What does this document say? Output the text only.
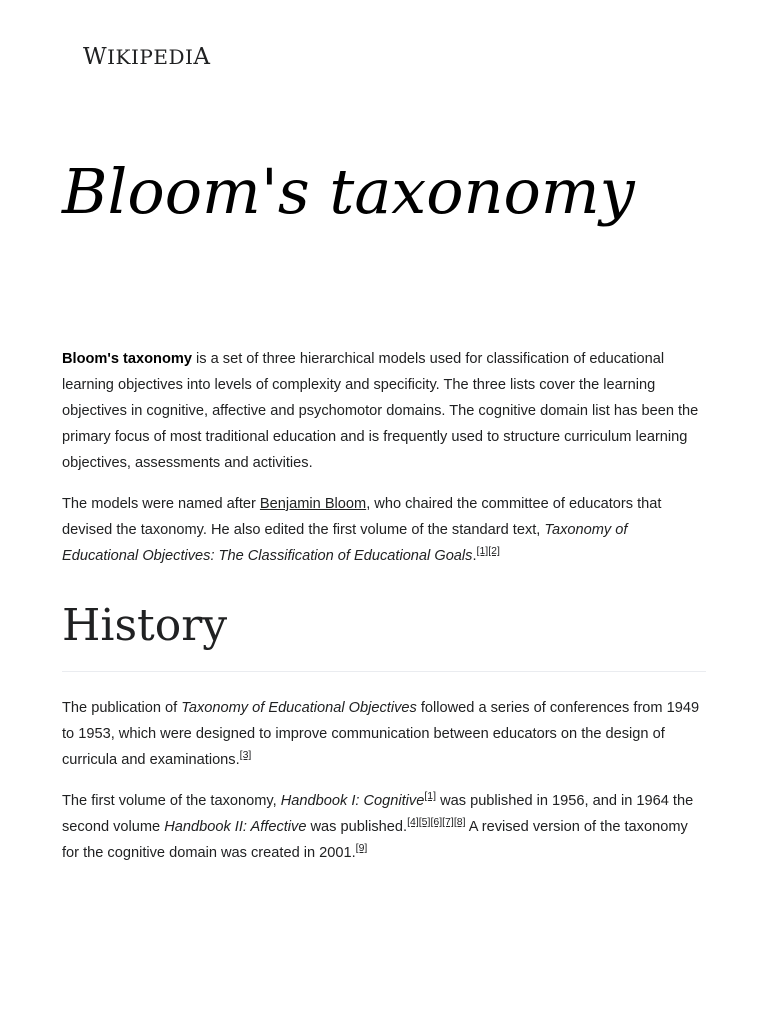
WIKIPEDIA
Bloom's taxonomy

Bloom's taxonomy is a set of three hierarchical models used for classification of educational learning objectives into levels of complexity and specificity. The three lists cover the learning objectives in cognitive, affective and psychomotor domains. The cognitive domain list has been the primary focus of most traditional education and is frequently used to structure curriculum learning objectives, assessments and activities.

The models were named after Benjamin Bloom, who chaired the committee of educators that devised the taxonomy. He also edited the first volume of the standard text, Taxonomy of Educational Objectives: The Classification of Educational Goals.[1][2]

History

The publication of Taxonomy of Educational Objectives followed a series of conferences from 1949 to 1953, which were designed to improve communication between educators on the design of curricula and examinations.[3]

The first volume of the taxonomy, Handbook I: Cognitive[1] was published in 1956, and in 1964 the second volume Handbook II: Affective was published.[4][5][6][7][8] A revised version of the taxonomy for the cognitive domain was created in 2001.[9]
